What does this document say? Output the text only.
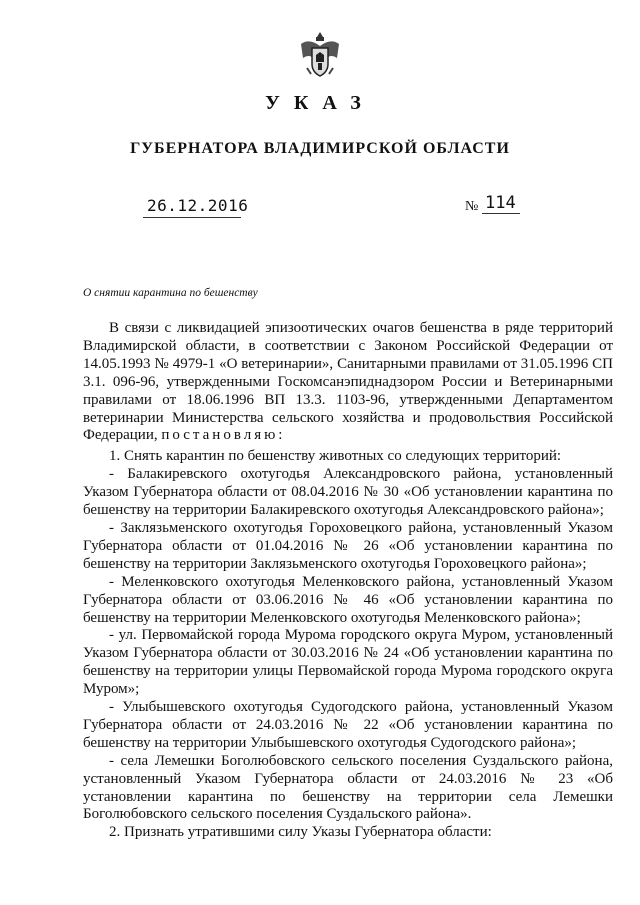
УКАЗ
ГУБЕРНАТОРА ВЛАДИМИРСКОЙ ОБЛАСТИ
26.12.2016	№ 114
О снятии карантина по бешенству

В связи с ликвидацией эпизоотических очагов бешенства в ряде территорий Владимирской области, в соответствии с Законом Российской Федерации от 14.05.1993 № 4979-1 «О ветеринарии», Санитарными правилами от 31.05.1996 СП 3.1. 096-96, утвержденными Госкомсанэпиднадзором России и Ветеринарными правилами от 18.06.1996 ВП 13.3. 1103-96, утвержденными Департаментом ветеринарии Министерства сельского хозяйства и продовольствия Российской Федерации, постановляю:

1. Снять карантин по бешенству животных со следующих территорий:

- Балакиревского охотугодья Александровского района, установленный Указом Губернатора области от 08.04.2016 № 30 «Об установлении карантина по бешенству на территории Балакиревского охотугодья Александровского района»;

- Заклязьменского охотугодья Гороховецкого района, установленный Указом Губернатора области от 01.04.2016 № 26 «Об установлении карантина по бешенству на территории Заклязьменского охотугодья Гороховецкого района»;

- Меленковского охотугодья Меленковского района, установленный Указом Губернатора области от 03.06.2016 № 46 «Об установлении карантина по бешенству на территории Меленковского охотугодья Меленковского района»;

- ул. Первомайской города Мурома городского округа Муром, установленный Указом Губернатора области от 30.03.2016 № 24 «Об установлении карантина по бешенству на территории улицы Первомайской города Мурома городского округа Муром»;

- Улыбышевского охотугодья Судогодского района, установленный Указом Губернатора области от 24.03.2016 № 22 «Об установлении карантина по бешенству на территории Улыбышевского охотугодья Судогодского района»;

- села Лемешки Боголюбовского сельского поселения Суздальского района, установленный Указом Губернатора области от 24.03.2016 № 23 «Об установлении карантина по бешенству на территории села Лемешки Боголюбовского сельского поселения Суздальского района».

2. Признать утратившими силу Указы Губернатора области:
